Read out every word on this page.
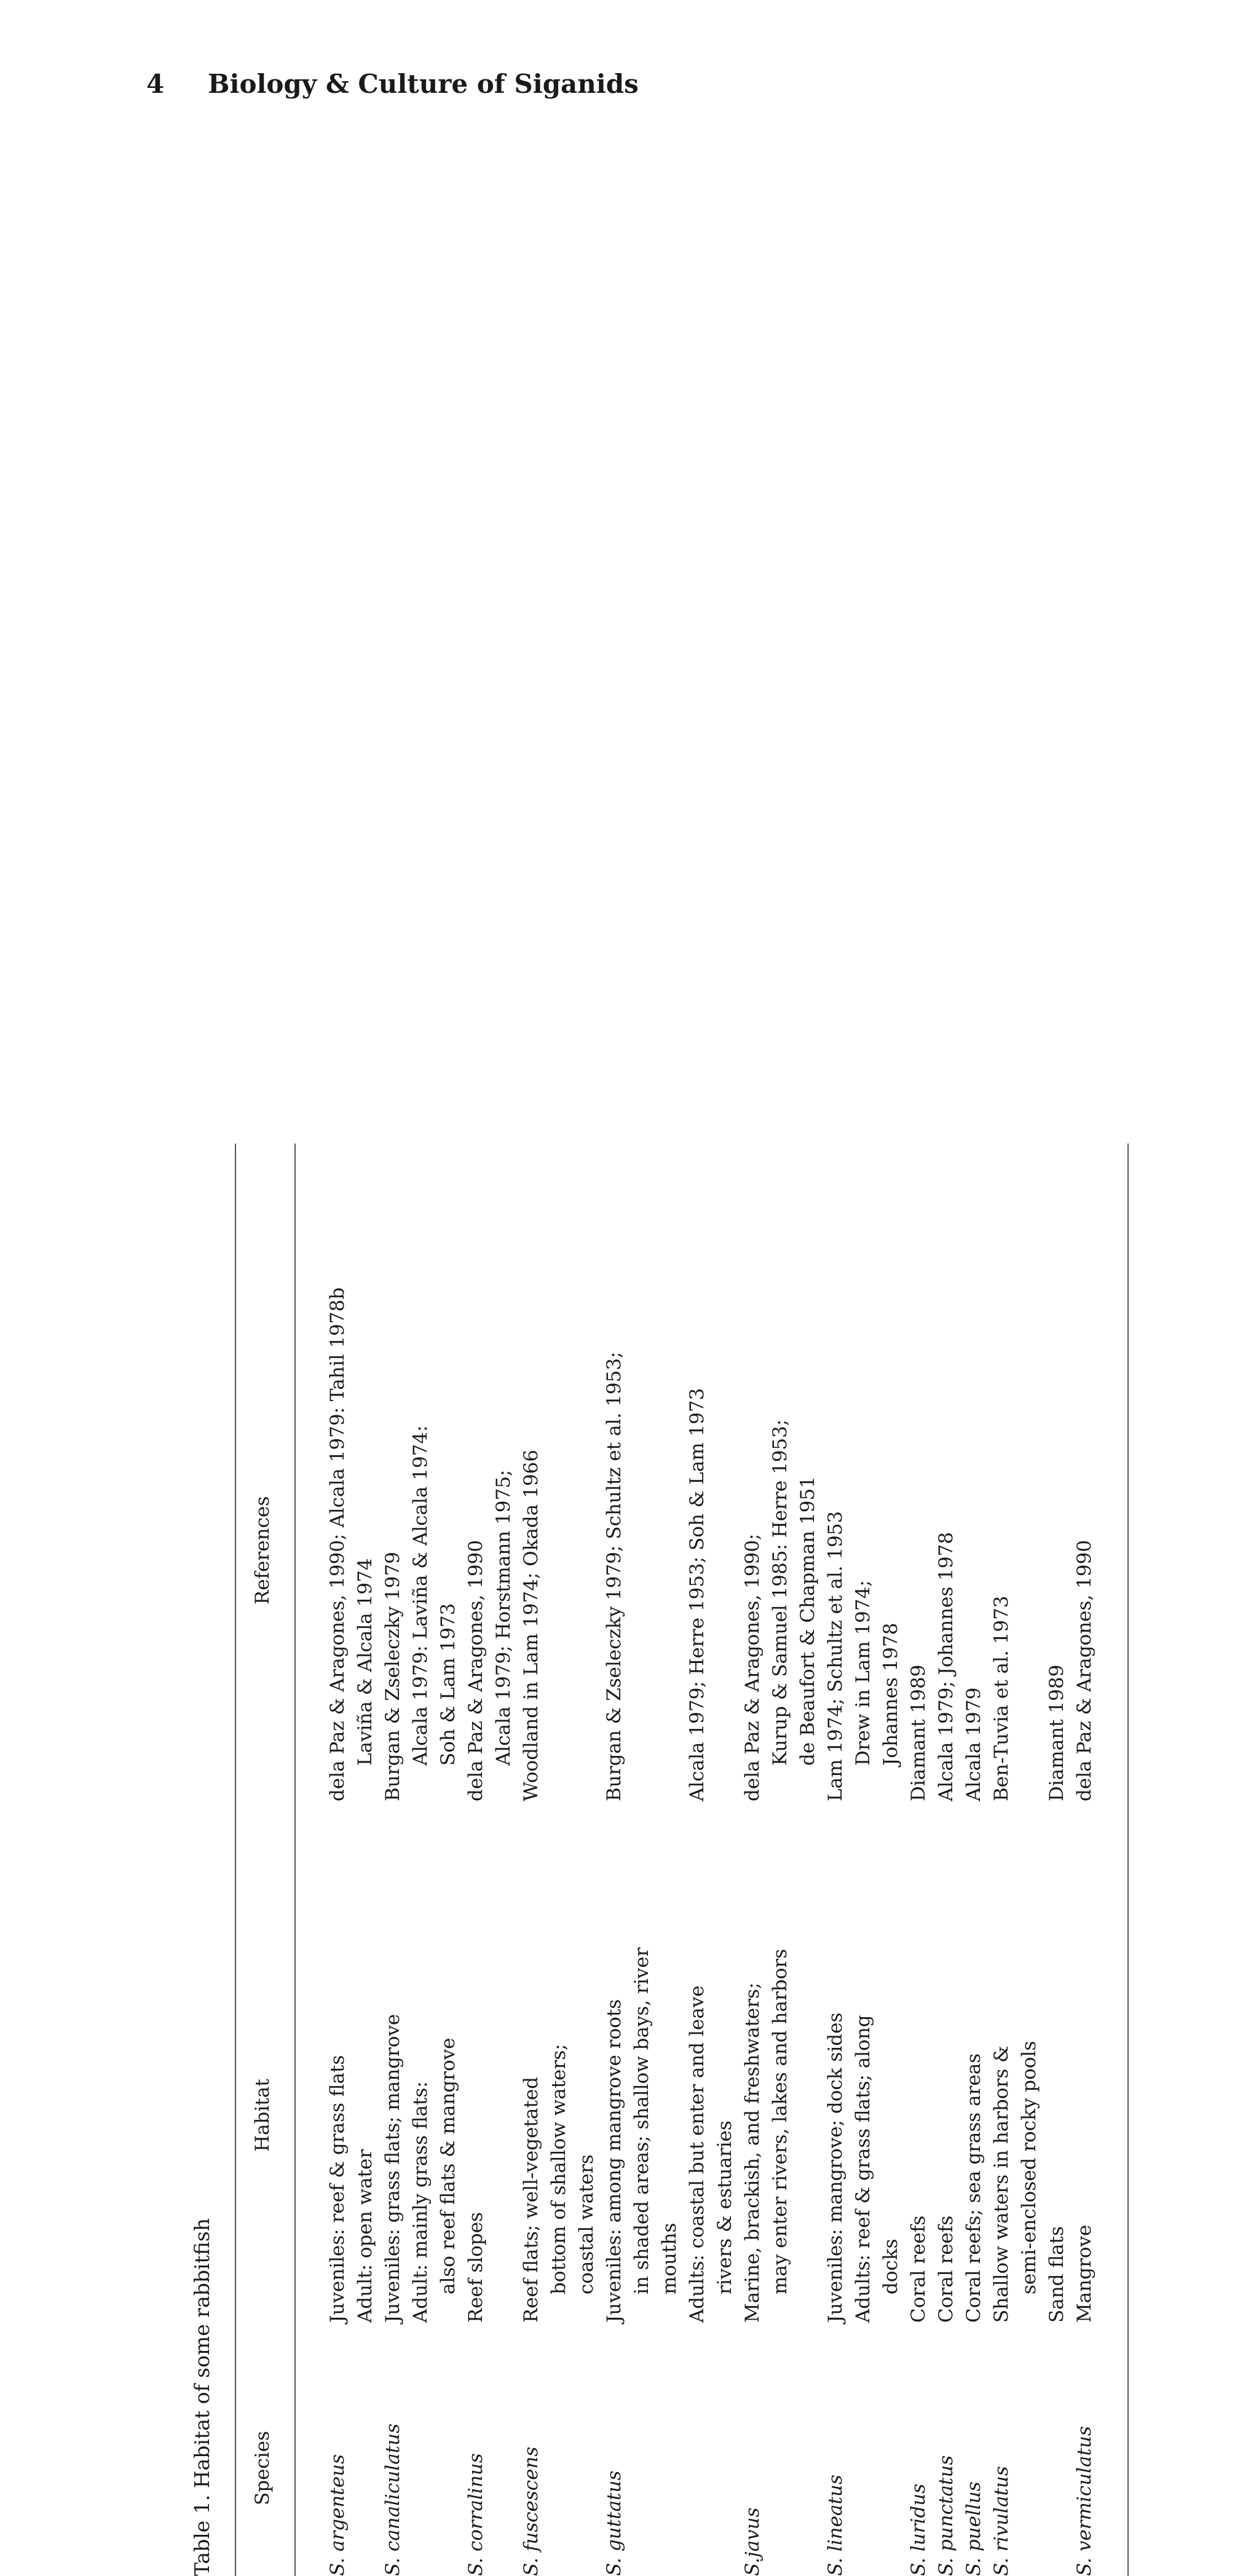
4 Biology & Culture of Siganids
Table 1. Habitat of some rabbitfish Species
Habitat
References
S. argenteus
Juveniles: reef & grass flats Adult: open water
dela Paz & Aragones, 1990; Alcala 1979: Tahil 1978b Laviña & Alcala 1974
S. canaliculatus
Juveniles: grass flats; mangrove Adult: mainly grass flats: also reef flats & mangrove
Burgan & Zseleczky 1979 Alcala 1979: Laviña & Alcala 1974: Soh & Lam 1973
S. corralinus
Reef slopes
dela Paz & Aragones, 1990 Alcala 1979; Horstmann 1975;
S. fuscescens
Reef flats; well-vegetated bottom of shallow waters; coastal waters
Woodland in Lam 1974; Okada 1966
S. guttatus
Juveniles: among mangrove roots in shaded areas; shallow bays, river mouths Adults: coastal but enter and leave rivers & estuaries
Burgan & Zseleczky 1979; Schultz et al. 1953;	Alcala 1979; Herre 1953; Soh & Lam 1973
S.javus
Marine, brackish, and freshwaters; may enter rivers, lakes and harbors
dela Paz & Aragones, 1990; Kurup & Samuel 1985: Herre 1953; de Beaufort & Chapman 1951
S. lineatus
Juveniles: mangrove; dock sides Adults: reef & grass flats; along docks
Lam 1974; Schultz et al. 1953 Drew in Lam 1974; Johannes 1978
S. luridus
Coral reefs
Diamant 1989
S. punctatus
Coral reefs
Alcala 1979; Johannes 1978
S. puellus
Coral reefs; sea grass areas
Alcala 1979
S. rivulatus
Shallow waters in harbors & semi-enclosed rocky pools Sand flats
Ben-Tuvia et al. 1973 Diamant 1989
S. vermiculatus
Mangrove
dela Paz & Aragones, 1990
